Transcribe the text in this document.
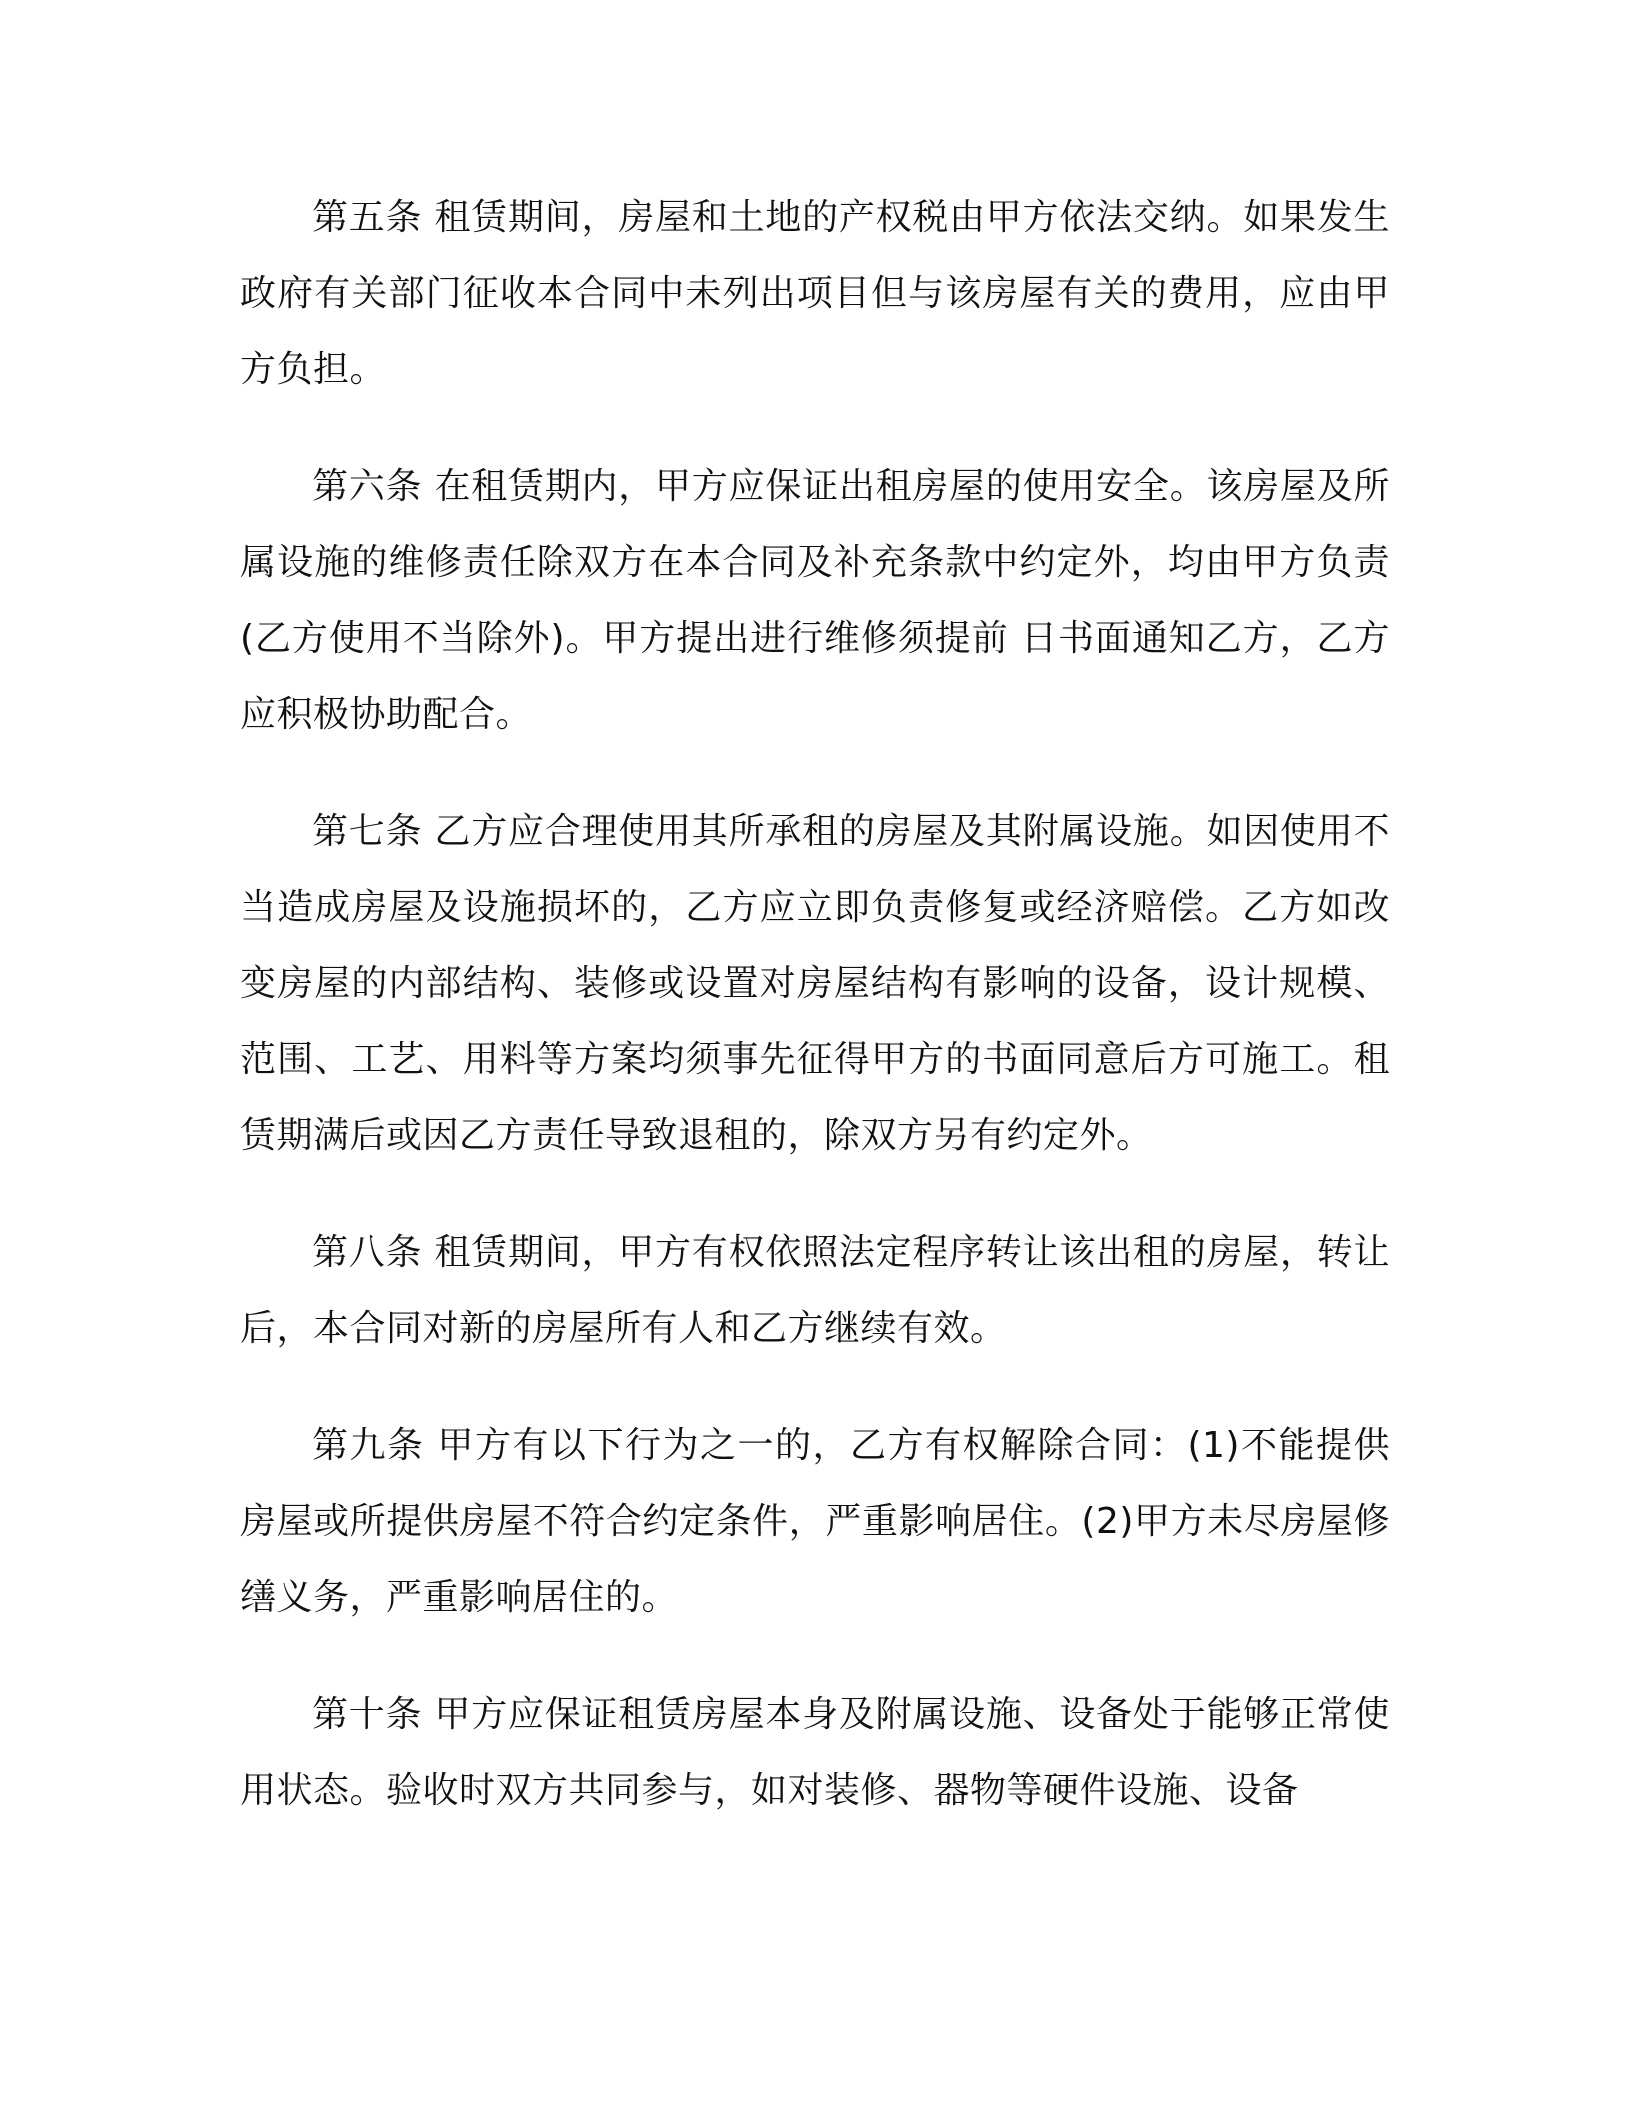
第五条 租赁期间，房屋和土地的产权税由甲方依法交纳。如果发生政府有关部门征收本合同中未列出项目但与该房屋有关的费用，应由甲方负担。

第六条 在租赁期内，甲方应保证出租房屋的使用安全。该房屋及所属设施的维修责任除双方在本合同及补充条款中约定外，均由甲方负责(乙方使用不当除外)。甲方提出进行维修须提前 日书面通知乙方，乙方应积极协助配合。

第七条 乙方应合理使用其所承租的房屋及其附属设施。如因使用不当造成房屋及设施损坏的，乙方应立即负责修复或经济赔偿。乙方如改变房屋的内部结构、装修或设置对房屋结构有影响的设备，设计规模、范围、工艺、用料等方案均须事先征得甲方的书面同意后方可施工。租赁期满后或因乙方责任导致退租的，除双方另有约定外。

第八条 租赁期间，甲方有权依照法定程序转让该出租的房屋，转让后，本合同对新的房屋所有人和乙方继续有效。

第九条 甲方有以下行为之一的，乙方有权解除合同：(1)不能提供房屋或所提供房屋不符合约定条件，严重影响居住。(2)甲方未尽房屋修缮义务，严重影响居住的。

第十条 甲方应保证租赁房屋本身及附属设施、设备处于能够正常使用状态。验收时双方共同参与，如对装修、器物等硬件设施、设备
